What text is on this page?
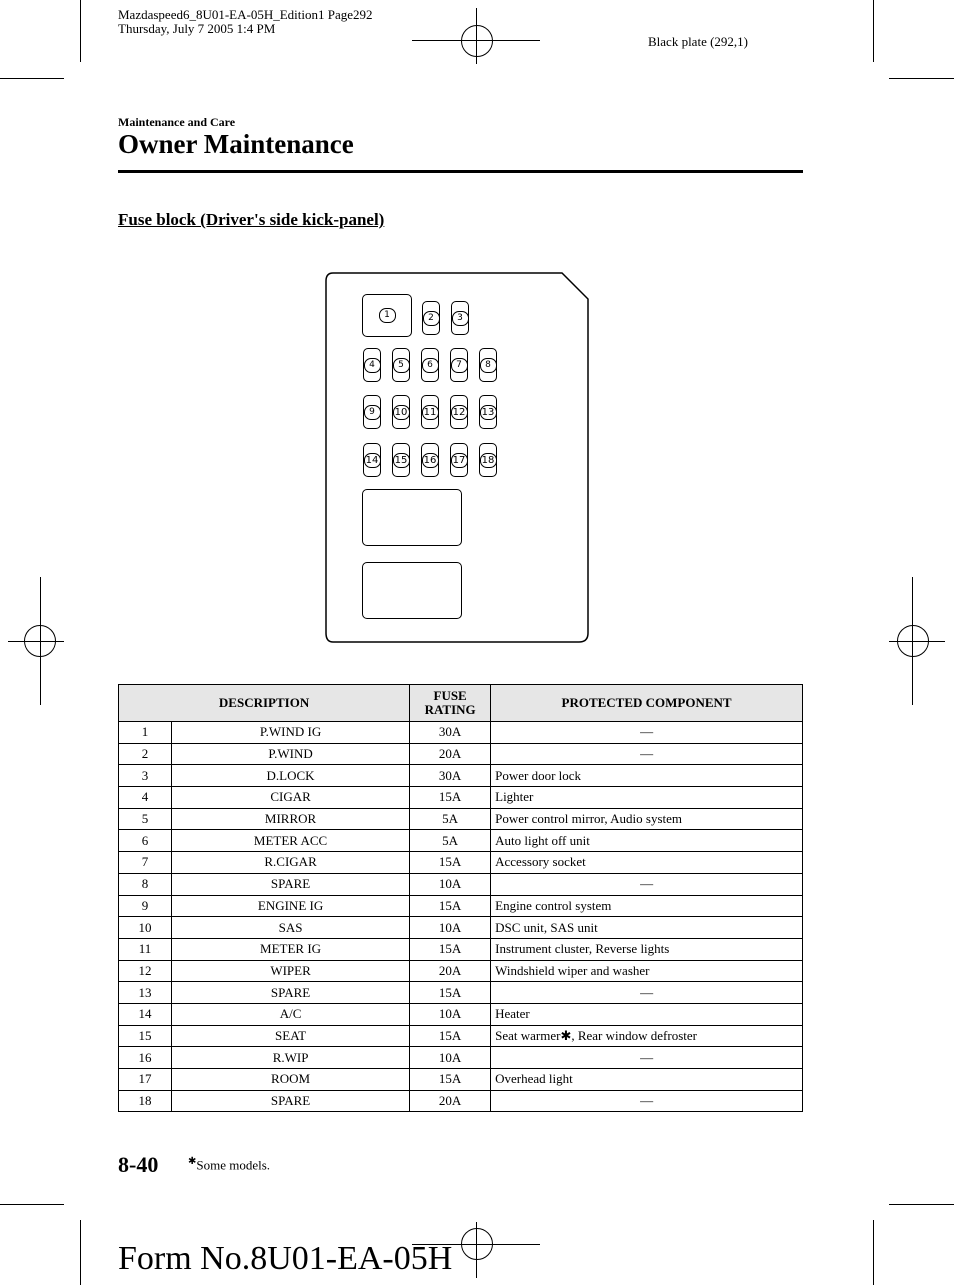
Mazdaspeed6_8U01-EA-05H_Edition1 Page292
Thursday, July 7 2005 1:4 PM
Black plate (292,1)
Maintenance and Care
Owner Maintenance
Fuse block (Driver's side kick-panel)
1	2	3
4	5	6	7	8
9	10 11 12 13
14 15 16 17 18
DESCRIPTION		FUSE
RATING	PROTECTED COMPONENT
1	P.WIND IG	30A	—
2	P.WIND	20A	—
3	D.LOCK	30A	Power door lock
4	CIGAR	15A	Lighter
5	MIRROR	5A	Power control mirror, Audio system
6	METER ACC	5A	Auto light off unit
7	R.CIGAR	15A	Accessory socket
8	SPARE	10A	—
9	ENGINE IG	15A	Engine control system
10	SAS	10A	DSC unit, SAS unit
11	METER IG	15A	Instrument cluster, Reverse lights
12	WIPER	20A	Windshield wiper and washer
13	SPARE	15A	—
14	A/C	10A	Heater
15	SEAT	15A	Seat warmer✱, Rear window defroster
16	R.WIP	10A	—
17	ROOM	15A	Overhead light
18	SPARE	20A	—
8-40	✱Some models.
Form No.8U01-EA-05H
